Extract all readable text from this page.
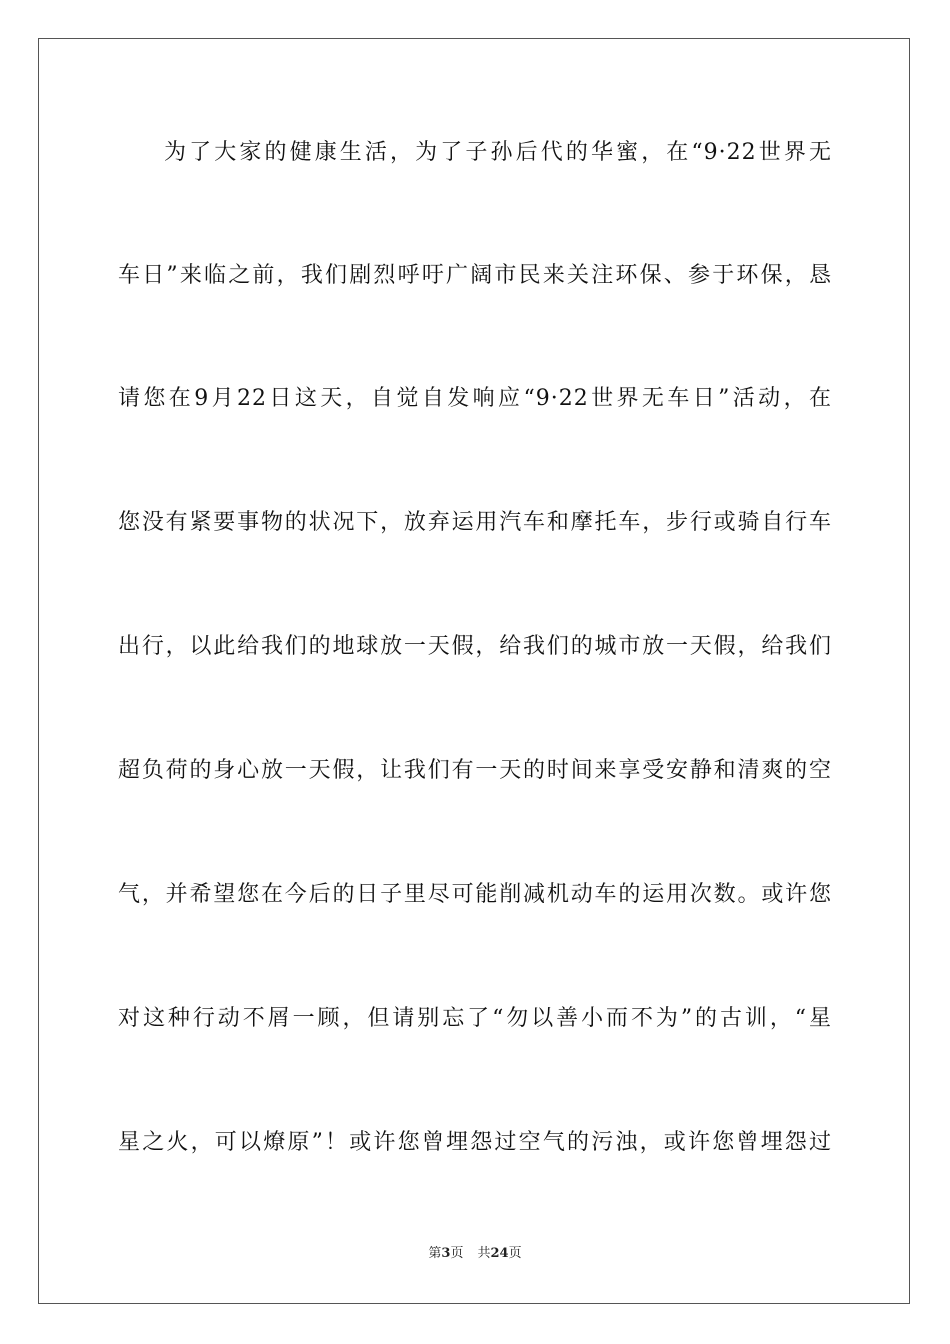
为了大家的健康生活，为了子孙后代的华蜜，在“9·22世界无
车日”来临之前，我们剧烈呼吁广阔市民来关注环保、参于环保，恳
请您在9月22日这天，自觉自发响应“9·22世界无车日”活动，在
您没有紧要事物的状况下，放弃运用汽车和摩托车，步行或骑自行车
出行，以此给我们的地球放一天假，给我们的城市放一天假，给我们
超负荷的身心放一天假，让我们有一天的时间来享受安静和清爽的空
气，并希望您在今后的日子里尽可能削减机动车的运用次数。或许您
对这种行动不屑一顾，但请别忘了“勿以善小而不为”的古训，“星
星之火，可以燎原”！或许您曾埋怨过空气的污浊，或许您曾埋怨过
第3页 共24页
